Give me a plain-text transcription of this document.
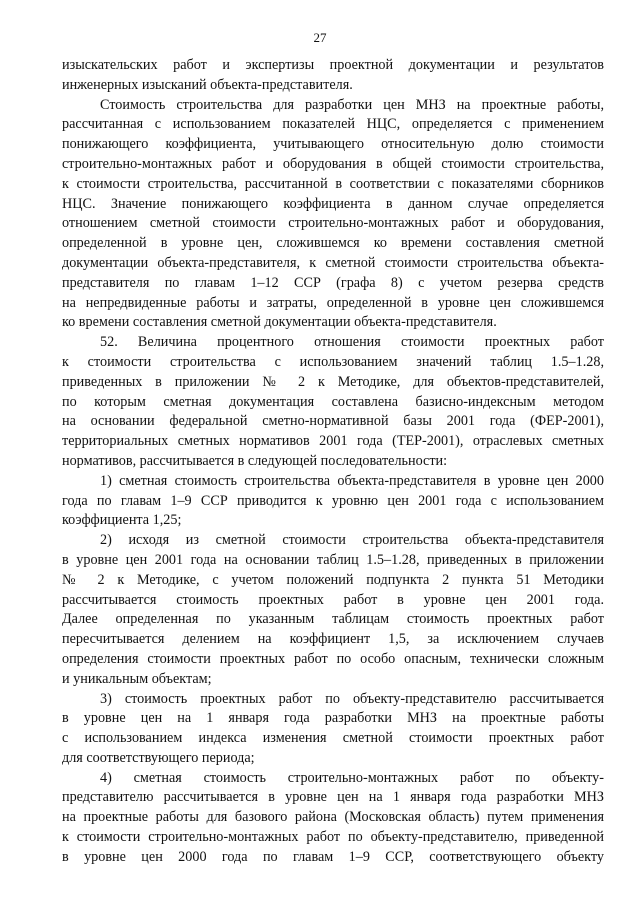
27
изыскательских работ и экспертизы проектной документации и результатов
инженерных изысканий объекта-представителя.
Стоимость строительства для разработки цен МНЗ на проектные работы,
рассчитанная с использованием показателей НЦС, определяется с применением
понижающего коэффициента, учитывающего относительную долю стоимости
строительно-монтажных работ и оборудования в общей стоимости строительства,
к стоимости строительства, рассчитанной в соответствии с показателями сборников
НЦС. Значение понижающего коэффициента в данном случае определяется
отношением сметной стоимости строительно-монтажных работ и оборудования,
определенной в уровне цен, сложившемся ко времени составления сметной
документации объекта-представителя, к сметной стоимости строительства объекта-
представителя по главам 1–12 ССР (графа 8) с учетом резерва средств
на непредвиденные работы и затраты, определенной в уровне цен сложившемся
ко времени составления сметной документации объекта-представителя.
52. Величина процентного отношения стоимости проектных работ
к стоимости строительства с использованием значений таблиц 1.5–1.28,
приведенных в приложении № 2 к Методике, для объектов-представителей,
по которым сметная документация составлена базисно-индексным методом
на основании федеральной сметно-нормативной базы 2001 года (ФЕР-2001),
территориальных сметных нормативов 2001 года (ТЕР-2001), отраслевых сметных
нормативов, рассчитывается в следующей последовательности:
1) сметная стоимость строительства объекта-представителя в уровне цен 2000
года по главам 1–9 ССР приводится к уровню цен 2001 года с использованием
коэффициента 1,25;
2) исходя из сметной стоимости строительства объекта-представителя
в уровне цен 2001 года на основании таблиц 1.5–1.28, приведенных в приложении
№ 2 к Методике, с учетом положений подпункта 2 пункта 51 Методики
рассчитывается стоимость проектных работ в уровне цен 2001 года.
Далее определенная по указанным таблицам стоимость проектных работ
пересчитывается делением на коэффициент 1,5, за исключением случаев
определения стоимости проектных работ по особо опасным, технически сложным
и уникальным объектам;
3) стоимость проектных работ по объекту-представителю рассчитывается
в уровне цен на 1 января года разработки МНЗ на проектные работы
с использованием индекса изменения сметной стоимости проектных работ
для соответствующего периода;
4) сметная стоимость строительно-монтажных работ по объекту-
представителю рассчитывается в уровне цен на 1 января года разработки МНЗ
на проектные работы для базового района (Московская область) путем применения
к стоимости строительно-монтажных работ по объекту-представителю, приведенной
в уровне цен 2000 года по главам 1–9 ССР, соответствующего объекту
